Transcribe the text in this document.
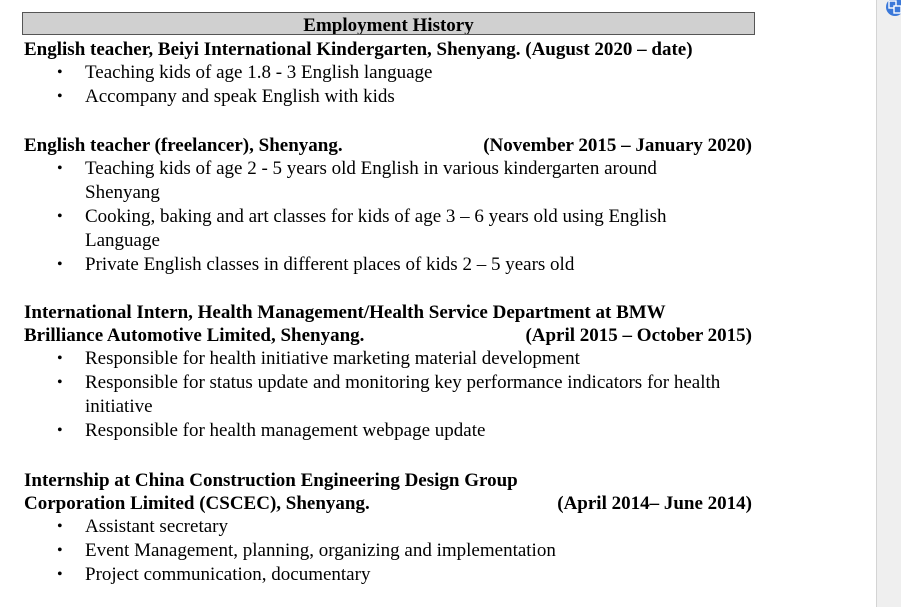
Employment History
English teacher, Beiyi International Kindergarten, Shenyang. (August 2020 – date)
• Teaching kids of age 1.8 - 3 English language
• Accompany and speak English with kids
English teacher (freelancer), Shenyang.	(November 2015 – January 2020)
• Teaching kids of age 2 - 5 years old English in various kindergarten around Shenyang
• Cooking, baking and art classes for kids of age 3 – 6 years old using English Language
• Private English classes in different places of kids 2 – 5 years old
International Intern, Health Management/Health Service Department at BMW
Brilliance Automotive Limited, Shenyang.	(April 2015 – October 2015)
• Responsible for health initiative marketing material development
• Responsible for status update and monitoring key performance indicators for health initiative
• Responsible for health management webpage update
Internship at China Construction Engineering Design Group
Corporation Limited (CSCEC), Shenyang.	(April 2014– June 2014)
• Assistant secretary
• Event Management, planning, organizing and implementation
• Project communication, documentary
